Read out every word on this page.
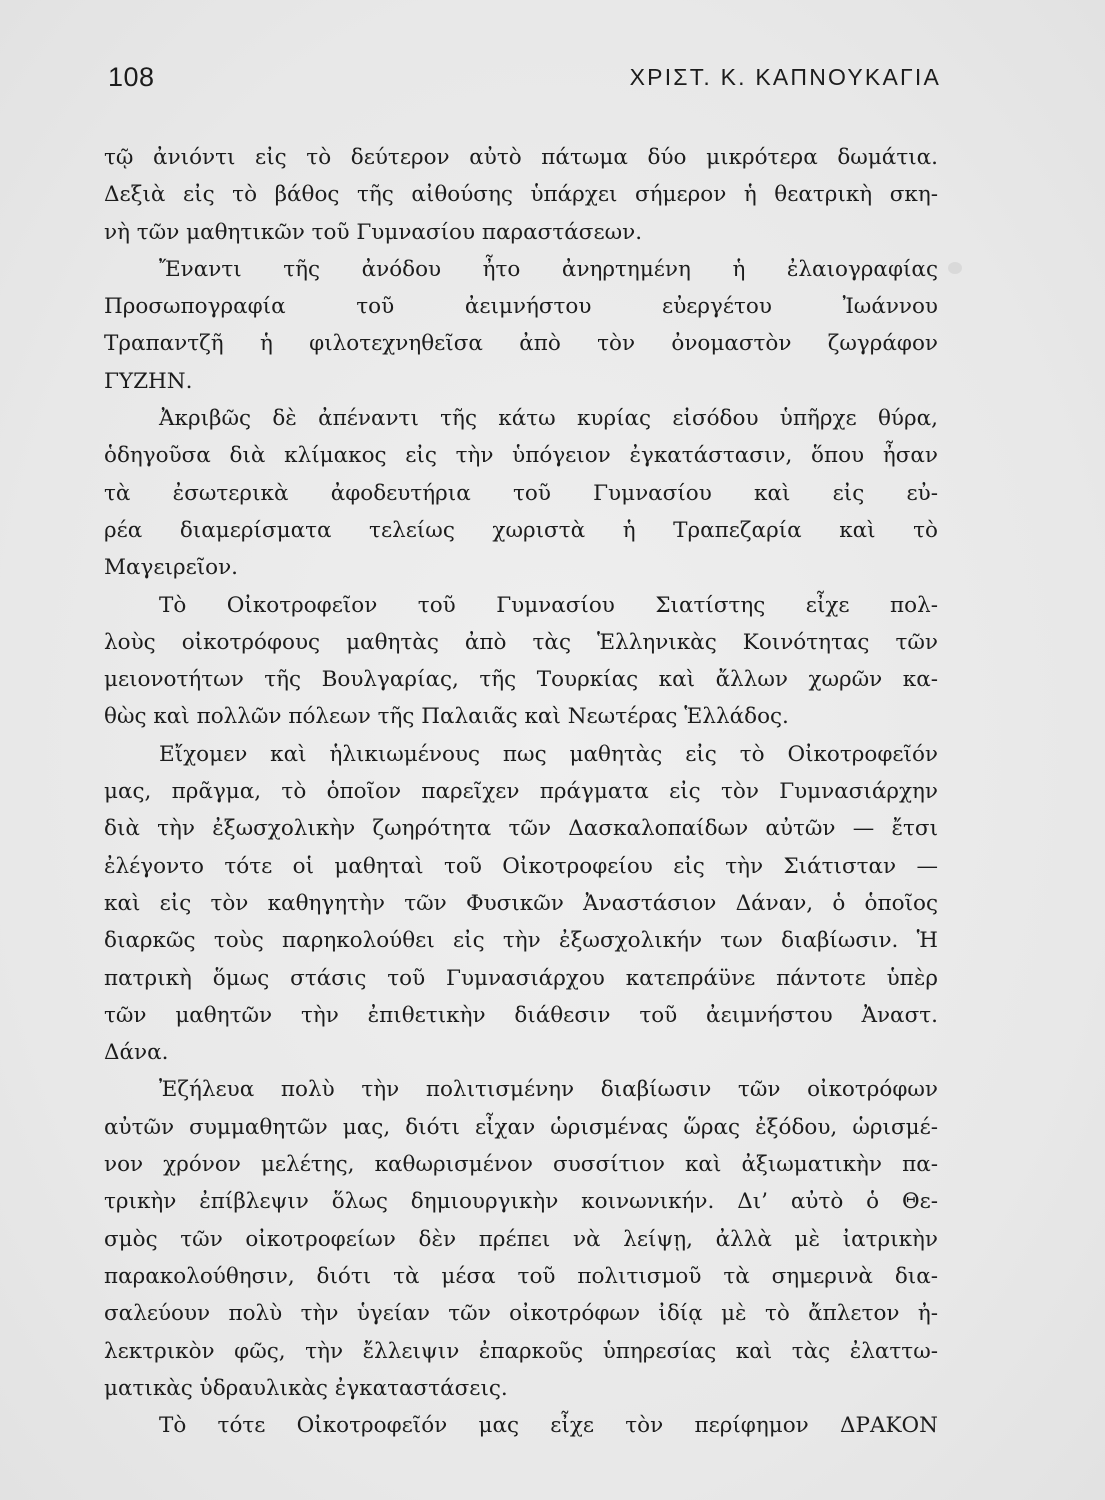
108	ΧΡΙΣΤ. Κ. ΚΑΠΝΟΥΚΑΓΙΑ
τῷ ἀνιόντι εἰς τὸ δεύτερον αὐτὸ πάτωμα δύο μικρότερα δωμάτια.
Δεξιὰ εἰς τὸ βάθος τῆς αἰθούσης ὑπάρχει σήμερον ἡ θεατρικὴ σκη-
νὴ τῶν μαθητικῶν τοῦ Γυμνασίου παραστάσεων.
Ἔναντι τῆς ἀνόδου ἦτο ἀνηρτημένη ἡ ἐλαιογραφίας
Προσωπογραφία τοῦ ἀειμνήστου εὐεργέτου Ἰωάννου
Τραπαντζῆ ἡ φιλοτεχνηθεῖσα ἀπὸ τὸν ὀνομαστὸν ζωγράφον
ΓΥΖΗΝ.
Ἀκριβῶς δὲ ἀπέναντι τῆς κάτω κυρίας εἰσόδου ὑπῆρχε θύρα,
ὁδηγοῦσα διὰ κλίμακος εἰς τὴν ὑπόγειον ἐγκατάστασιν, ὅπου ἦσαν
τὰ ἐσωτερικὰ ἀφοδευτήρια τοῦ Γυμνασίου καὶ εἰς εὐ-
ρέα διαμερίσματα τελείως χωριστὰ ἡ Τραπεζαρία καὶ τὸ
Μαγειρεῖον.
Τὸ Οἰκοτροφεῖον τοῦ Γυμνασίου Σιατίστης εἶχε πολ-
λοὺς οἰκοτρόφους μαθητὰς ἀπὸ τὰς Ἑλληνικὰς Κοινότητας τῶν
μειονοτήτων τῆς Βουλγαρίας, τῆς Τουρκίας καὶ ἄλλων χωρῶν κα-
θὼς καὶ πολλῶν πόλεων τῆς Παλαιᾶς καὶ Νεωτέρας Ἑλλάδος.
Εἴχομεν καὶ ἡλικιωμένους πως μαθητὰς εἰς τὸ Οἰκοτροφεῖόν
μας, πρᾶγμα, τὸ ὁποῖον παρεῖχεν πράγματα εἰς τὸν Γυμνασιάρχην
διὰ τὴν ἐξωσχολικὴν ζωηρότητα τῶν Δασκαλοπαίδων αὐτῶν — ἔτσι
ἐλέγοντο τότε οἱ μαθηταὶ τοῦ Οἰκοτροφείου εἰς τὴν Σιάτισταν —
καὶ εἰς τὸν καθηγητὴν τῶν Φυσικῶν Ἀναστάσιον Δάναν, ὁ ὁποῖος
διαρκῶς τοὺς παρηκολούθει εἰς τὴν ἐξωσχολικήν των διαβίωσιν. Ἡ
πατρικὴ ὅμως στάσις τοῦ Γυμνασιάρχου κατεπράϋνε πάντοτε ὑπὲρ
τῶν μαθητῶν τὴν ἐπιθετικὴν διάθεσιν τοῦ ἀειμνήστου Ἀναστ.
Δάνα.
Ἐζήλευα πολὺ τὴν πολιτισμένην διαβίωσιν τῶν οἰκοτρόφων
αὐτῶν συμμαθητῶν μας, διότι εἶχαν ὡρισμένας ὥρας ἐξόδου, ὡρισμέ-
νον χρόνον μελέτης, καθωρισμένον συσσίτιον καὶ ἀξιωματικὴν πα-
τρικὴν ἐπίβλεψιν ὅλως δημιουργικὴν κοινωνικήν. Δι’ αὐτὸ ὁ Θε-
σμὸς τῶν οἰκοτροφείων δὲν πρέπει νὰ λείψῃ, ἀλλὰ μὲ ἰατρικὴν
παρακολούθησιν, διότι τὰ μέσα τοῦ πολιτισμοῦ τὰ σημερινὰ δια-
σαλεύουν πολὺ τὴν ὑγείαν τῶν οἰκοτρόφων ἰδίᾳ μὲ τὸ ἄπλετον ἠ-
λεκτρικὸν φῶς, τὴν ἔλλειψιν ἐπαρκοῦς ὑπηρεσίας καὶ τὰς ἐλαττω-
ματικὰς ὑδραυλικὰς ἐγκαταστάσεις.
Τὸ τότε Οἰκοτροφεῖόν μας εἶχε τὸν περίφημον ΔΡΑΚΟΝ
